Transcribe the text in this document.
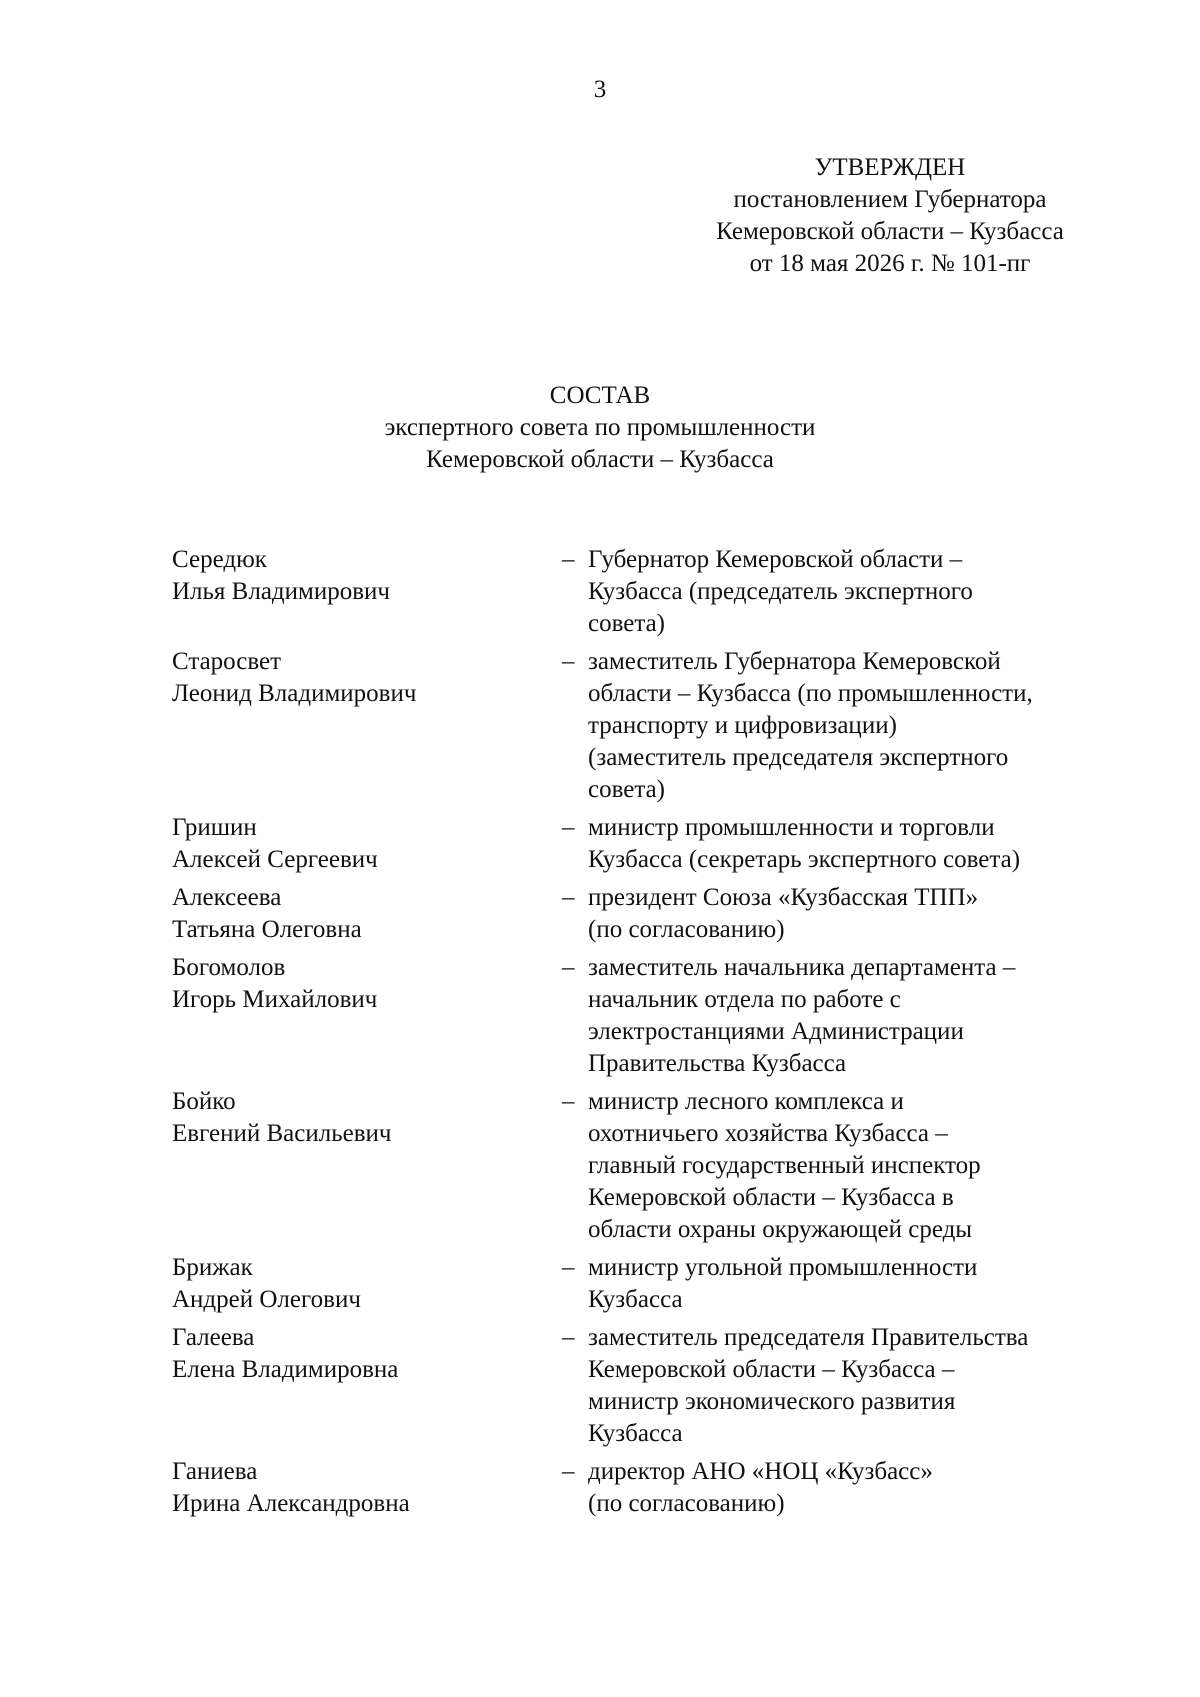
3
УТВЕРЖДЕН
постановлением Губернатора
Кемеровской области – Кузбасса
от 18 мая 2026 г. № 101-пг
СОСТАВ
экспертного совета по промышленности
Кемеровской области – Кузбасса
Середюк
Илья Владимирович
– Губернатор Кемеровской области –
Кузбасса (председатель экспертного
совета)
Старосвет
Леонид Владимирович
– заместитель Губернатора Кемеровской
области – Кузбасса (по промышленности,
транспорту и цифровизации)
(заместитель председателя экспертного
совета)
Гришин
Алексей Сергеевич
– министр промышленности и торговли
Кузбасса (секретарь экспертного совета)
Алексеева
Татьяна Олеговна
– президент Союза «Кузбасская ТПП»
(по согласованию)
Богомолов
Игорь Михайлович
– заместитель начальника департамента –
начальник отдела по работе с
электростанциями Администрации
Правительства Кузбасса
Бойко
Евгений Васильевич
– министр лесного комплекса и
охотничьего хозяйства Кузбасса –
главный государственный инспектор
Кемеровской области – Кузбасса в
области охраны окружающей среды
Брижак
Андрей Олегович
– министр угольной промышленности
Кузбасса
Галеева
Елена Владимировна
– заместитель председателя Правительства
Кемеровской области – Кузбасса –
министр экономического развития
Кузбасса
Ганиева
Ирина Александровна
– директор АНО «НОЦ «Кузбасс»
(по согласованию)
